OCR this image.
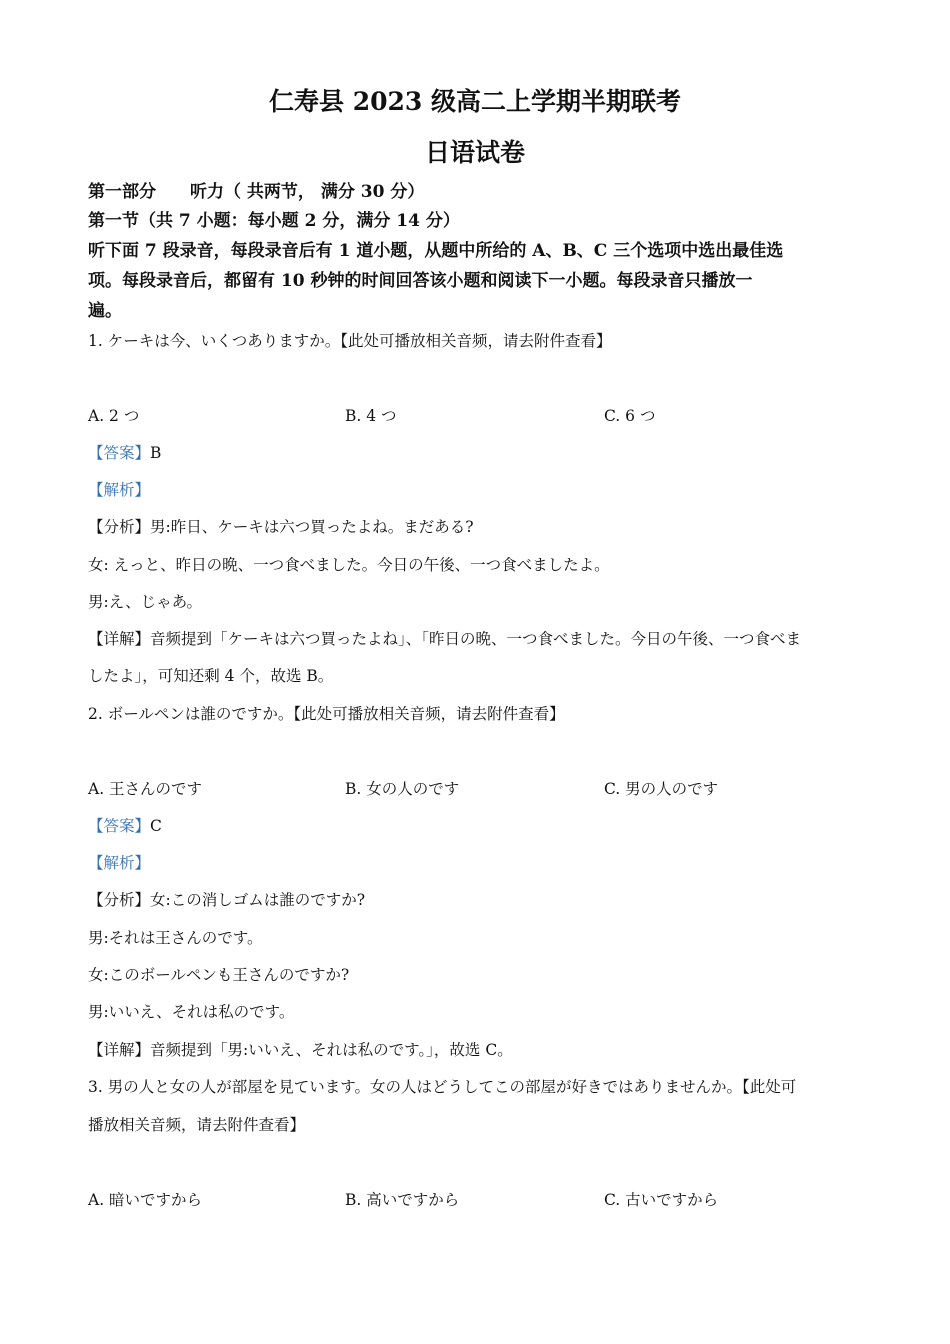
仁寿县 2023 级高二上学期半期联考
日语试卷
第一部分　　听力（ 共两节， 满分 30 分）
第一节（共 7 小题：每小题 2 分，满分 14 分）
听下面 7 段录音，每段录音后有 1 道小题，从题中所给的 A、B、C 三个选项中选出最佳选
项。每段录音后，都留有 10 秒钟的时间回答该小题和阅读下一小题。每段录音只播放一
遍。
1. ケーキは今、いくつありますか。【此处可播放相关音频，请去附件查看】
A. 2 つ	B. 4 つ	C. 6 つ
【答案】B
【解析】
【分析】男:昨日、ケーキは六つ買ったよね。まだある?
女: えっと、昨日の晩、一つ食べました。今日の午後、一つ食べましたよ。
男:え、じゃあ。
【详解】音频提到「ケーキは六つ買ったよね」、「昨日の晩、一つ食べました。今日の午後、一つ食べま
したよ」，可知还剩 4 个，故选 B。
2. ボールペンは誰のですか。【此处可播放相关音频，请去附件查看】
A. 王さんのです	B. 女の人のです	C. 男の人のです
【答案】C
【解析】
【分析】女:この消しゴムは誰のですか?
男:それは王さんのです。
女:このボールペンも王さんのですか?
男:いいえ、それは私のです。
【详解】音频提到「男:いいえ、それは私のです。」，故选 C。
3. 男の人と女の人が部屋を見ています。女の人はどうしてこの部屋が好きではありませんか。【此处可
播放相关音频，请去附件查看】
A. 暗いですから	B. 高いですから	C. 古いですから
